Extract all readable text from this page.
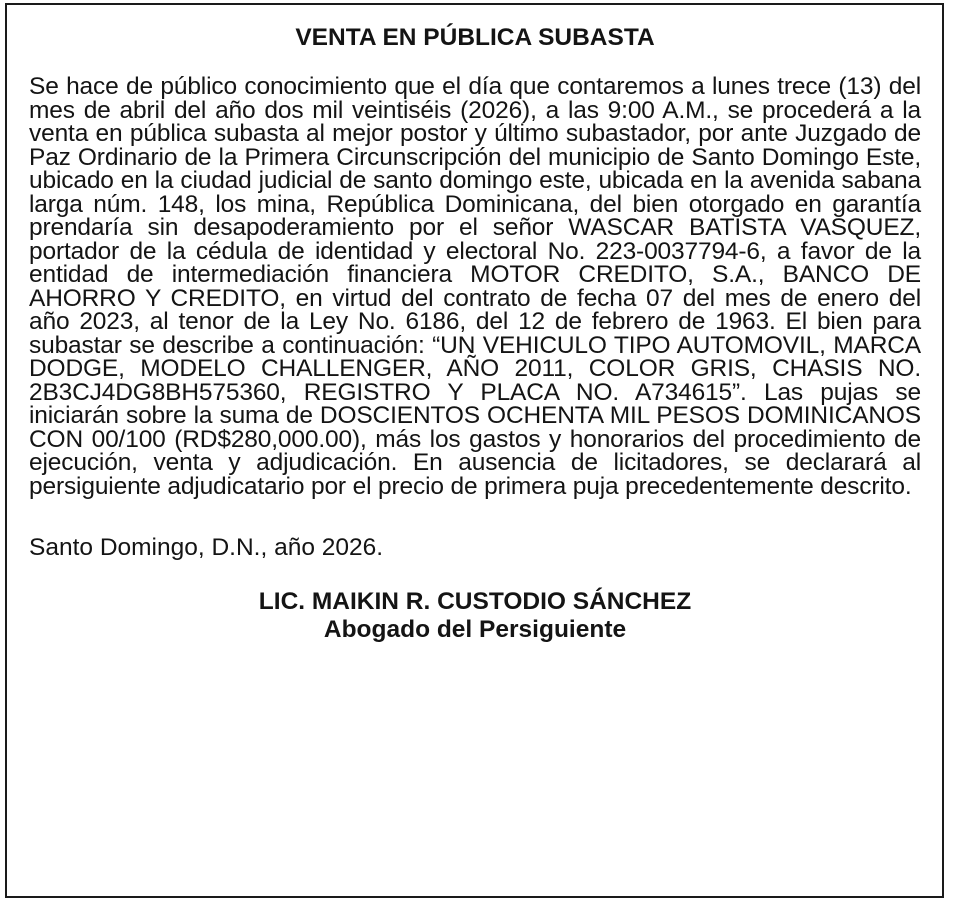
VENTA EN PÚBLICA SUBASTA

Se hace de público conocimiento que el día que contaremos a lunes trece (13) del mes de abril del año dos mil veintiséis (2026), a las 9:00 A.M., se procederá a la venta en pública subasta al mejor postor y último subastador, por ante Juzgado de Paz Ordinario de la Primera Circunscripción del municipio de Santo Domingo Este, ubicado en la ciudad judicial de santo domingo este, ubicada en la avenida sabana larga núm. 148, los mina, República Dominicana, del bien otorgado en garantía prendaría sin desapoderamiento por el señor WASCAR BATISTA VASQUEZ, portador de la cédula de identidad y electoral No. 223-0037794-6, a favor de la entidad de intermediación financiera MOTOR CREDITO, S.A., BANCO DE AHORRO Y CREDITO, en virtud del contrato de fecha 07 del mes de enero del año 2023, al tenor de la Ley No. 6186, del 12 de febrero de 1963. El bien para subastar se describe a continuación: “UN VEHICULO TIPO AUTOMOVIL, MARCA DODGE, MODELO CHALLENGER, AÑO 2011, COLOR GRIS, CHASIS NO. 2B3CJ4DG8BH575360, REGISTRO Y PLACA NO. A734615”. Las pujas se iniciarán sobre la suma de DOSCIENTOS OCHENTA MIL PESOS DOMINICANOS CON 00/100 (RD$280,000.00), más los gastos y honorarios del procedimiento de ejecución, venta y adjudicación. En ausencia de licitadores, se declarará al persiguiente adjudicatario por el precio de primera puja precedentemente descrito.

Santo Domingo, D.N., año 2026.

LIC. MAIKIN R. CUSTODIO SÁNCHEZ
Abogado del Persiguiente
